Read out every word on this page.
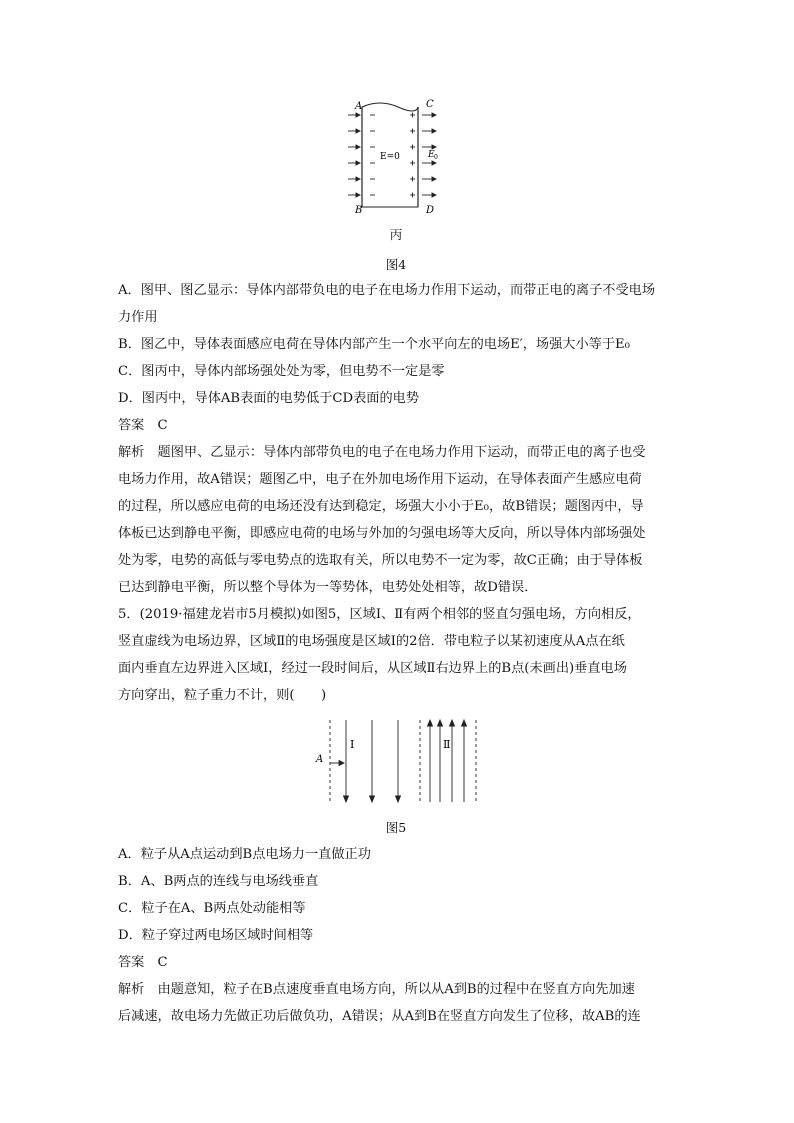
A
B
C
D
E=0	E 0
丙
图4
A．图甲、图乙显示：导体内部带负电的电子在电场力作用下运动，而带正电的离子不受电场
力作用
B．图乙中，导体表面感应电荷在导体内部产生一个水平向左的电场E′，场强大小等于E₀
C．图丙中，导体内部场强处处为零，但电势不一定是零
D．图丙中，导体AB表面的电势低于CD表面的电势
答案　C
解析　题图甲、乙显示：导体内部带负电的电子在电场力作用下运动，而带正电的离子也受
电场力作用，故A错误；题图乙中，电子在外加电场作用下运动，在导体表面产生感应电荷
的过程，所以感应电荷的电场还没有达到稳定，场强大小小于E₀，故B错误；题图丙中，导
体板已达到静电平衡，即感应电荷的电场与外加的匀强电场等大反向，所以导体内部场强处
处为零，电势的高低与零电势点的选取有关，所以电势不一定为零，故C正确；由于导体板
已达到静电平衡，所以整个导体为一等势体，电势处处相等，故D错误．
5．(2019·福建龙岩市5月模拟)如图5，区域Ⅰ、Ⅱ有两个相邻的竖直匀强电场，方向相反，
竖直虚线为电场边界，区域Ⅱ的电场强度是区域Ⅰ的2倍．带电粒子以某初速度从A点在纸
面内垂直左边界进入区域Ⅰ，经过一段时间后，从区域Ⅱ右边界上的B点(未画出)垂直电场
方向穿出，粒子重力不计，则(　　)
A
Ⅰ	Ⅱ
图5
A．粒子从A点运动到B点电场力一直做正功
B．A、B两点的连线与电场线垂直
C．粒子在A、B两点处动能相等
D．粒子穿过两电场区域时间相等
答案　C
解析　由题意知，粒子在B点速度垂直电场方向，所以从A到B的过程中在竖直方向先加速
后减速，故电场力先做正功后做负功，A错误；从A到B在竖直方向发生了位移，故AB的连
